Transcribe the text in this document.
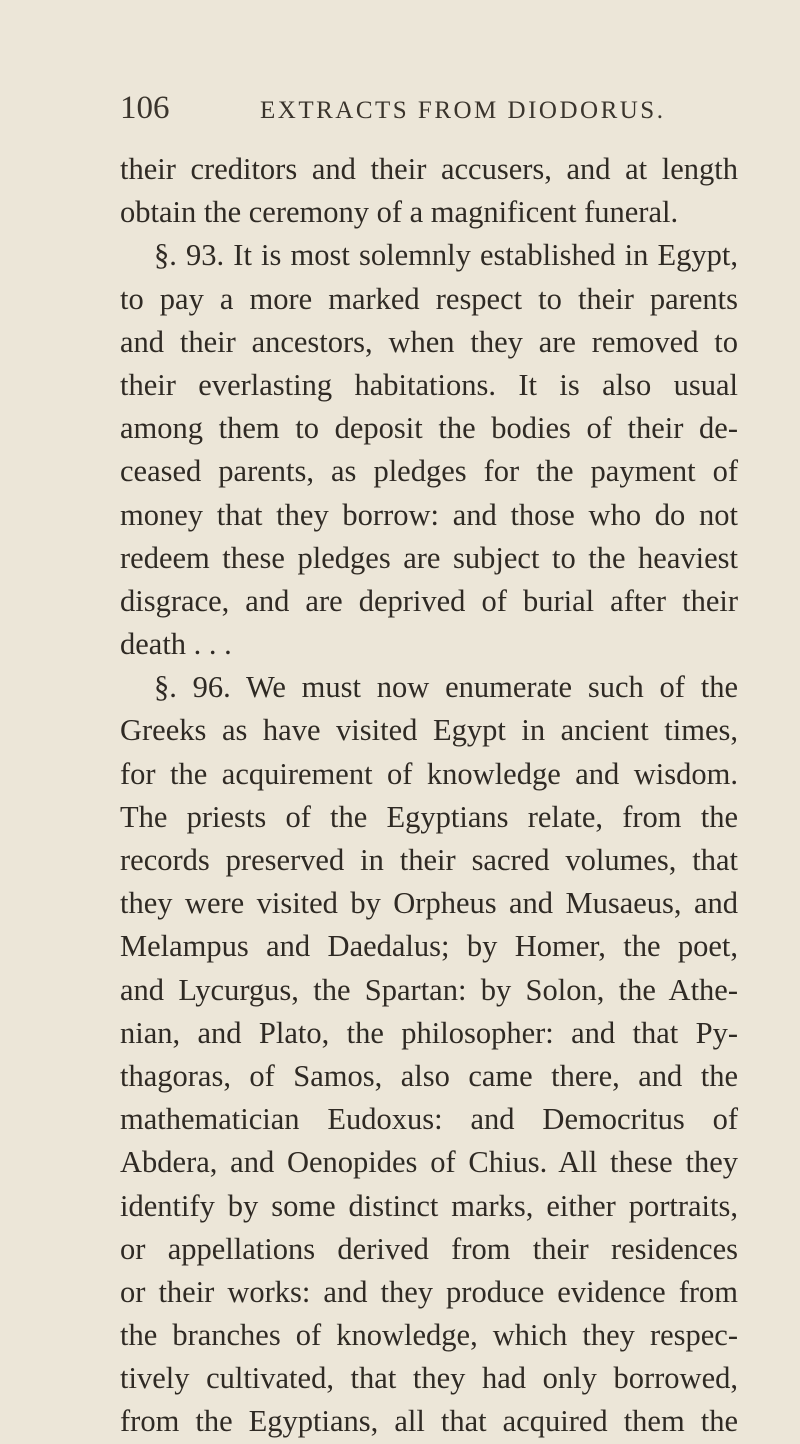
106	EXTRACTS FROM DIODORUS.
their creditors and their accusers, and at length
obtain the ceremony of a magnificent funeral.
§. 93. It is most solemnly established in Egypt,
to pay a more marked respect to their parents
and their ancestors, when they are removed to
their everlasting habitations. It is also usual
among them to deposit the bodies of their de-
ceased parents, as pledges for the payment of
money that they borrow: and those who do not
redeem these pledges are subject to the heaviest
disgrace, and are deprived of burial after their
death . . .
§. 96. We must now enumerate such of the
Greeks as have visited Egypt in ancient times,
for the acquirement of knowledge and wisdom.
The priests of the Egyptians relate, from the
records preserved in their sacred volumes, that
they were visited by Orpheus and Musaeus, and
Melampus and Daedalus; by Homer, the poet,
and Lycurgus, the Spartan: by Solon, the Athe-
nian, and Plato, the philosopher: and that Py-
thagoras, of Samos, also came there, and the
mathematician Eudoxus: and Democritus of
Abdera, and Oenopides of Chius. All these they
identify by some distinct marks, either portraits,
or appellations derived from their residences
or their works: and they produce evidence from
the branches of knowledge, which they respec-
tively cultivated, that they had only borrowed,
from the Egyptians, all that acquired them the
